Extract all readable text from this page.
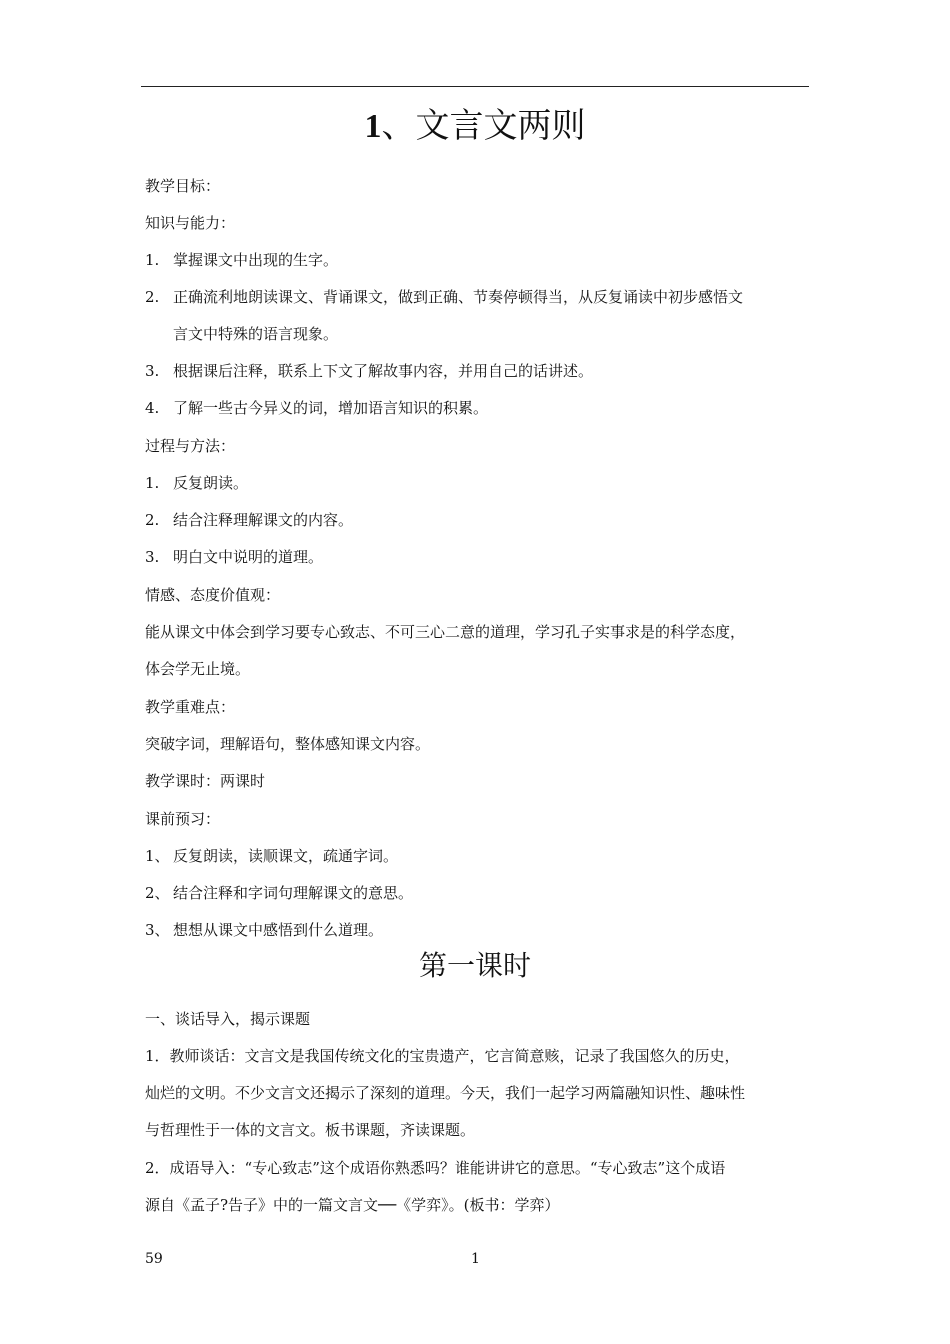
1、文言文两则
教学目标：
知识与能力：
1. 掌握课文中出现的生字。
2. 正确流利地朗读课文、背诵课文，做到正确、节奏停顿得当，从反复诵读中初步感悟文
言文中特殊的语言现象。
3. 根据课后注释，联系上下文了解故事内容，并用自己的话讲述。
4. 了解一些古今异义的词，增加语言知识的积累。
过程与方法：
1. 反复朗读。
2. 结合注释理解课文的内容。
3. 明白文中说明的道理。
情感、态度价值观：
能从课文中体会到学习要专心致志、不可三心二意的道理，学习孔子实事求是的科学态度，
体会学无止境。
教学重难点：
突破字词，理解语句，整体感知课文内容。
教学课时：两课时
课前预习：
1、 反复朗读，读顺课文，疏通字词。
2、 结合注释和字词句理解课文的意思。
3、 想想从课文中感悟到什么道理。
第一课时
一、谈话导入，揭示课题
1．教师谈话：文言文是我国传统文化的宝贵遗产，它言简意赅，记录了我国悠久的历史，
灿烂的文明。不少文言文还揭示了深刻的道理。今天，我们一起学习两篇融知识性、趣味性
与哲理性于一体的文言文。板书课题，齐读课题。
2．成语导入：“专心致志”这个成语你熟悉吗？谁能讲讲它的意思。“专心致志”这个成语
源自《孟子?告子》中的一篇文言文──《学弈》。(板书：学弈）
59	1
